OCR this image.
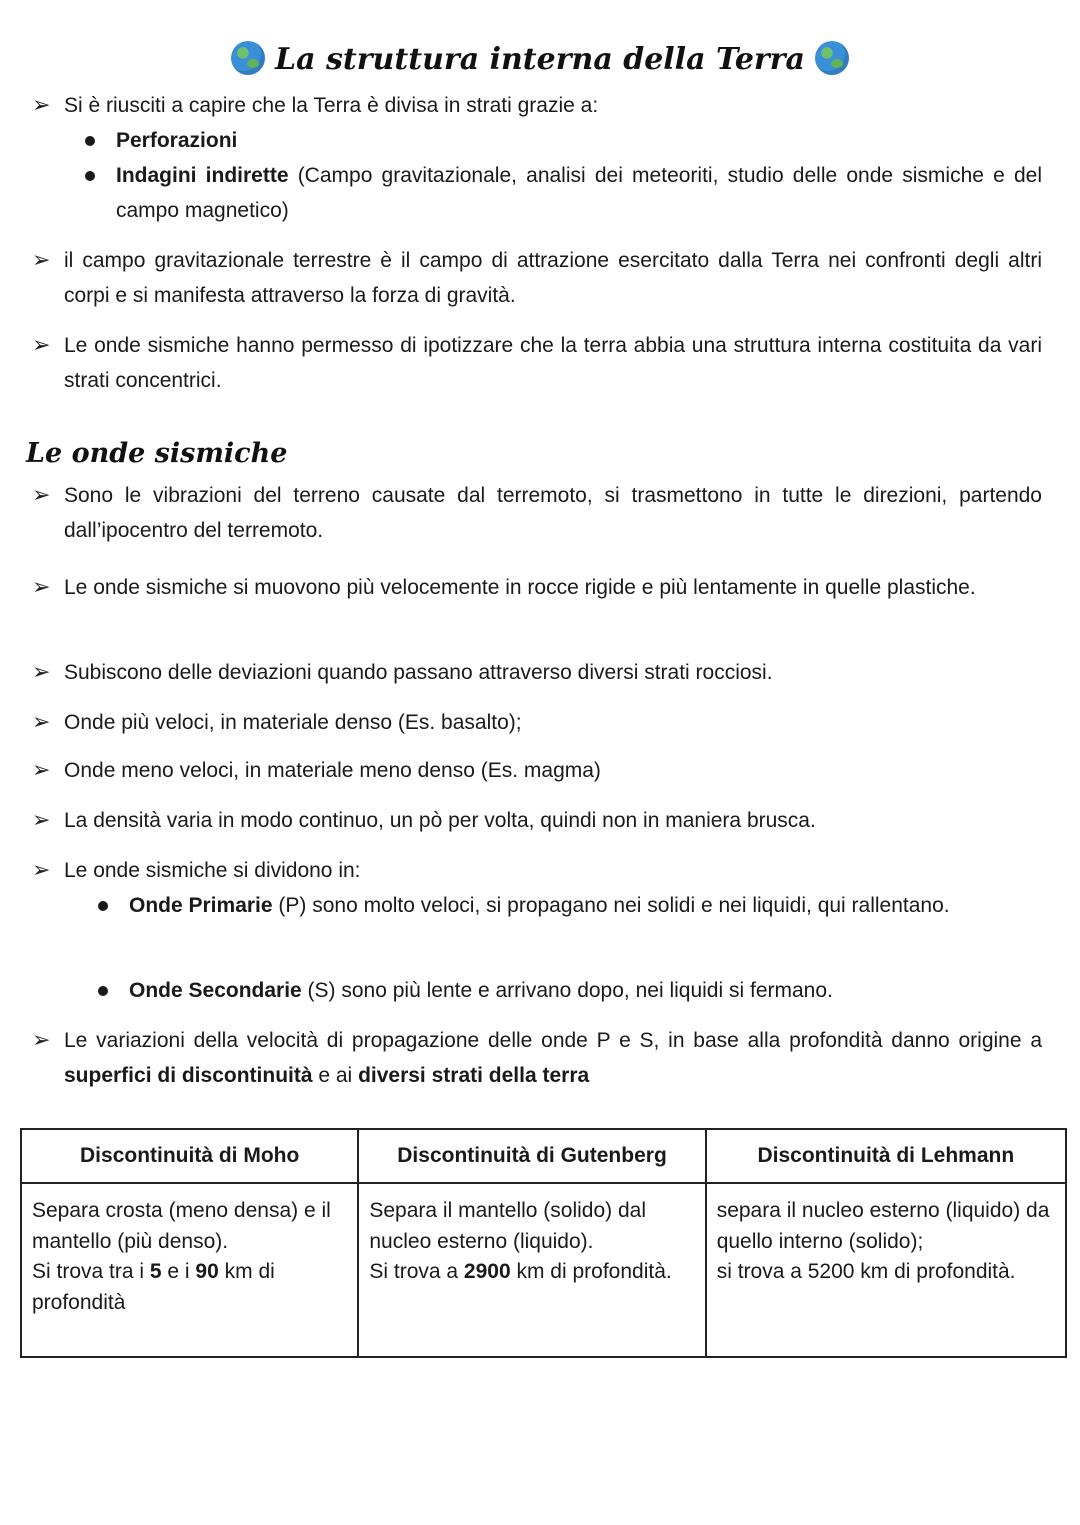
La struttura interna della Terra
➢ Si è riusciti a capire che la Terra è divisa in strati grazie a:
Perforazioni
Indagini indirette (Campo gravitazionale, analisi dei meteoriti, studio delle onde sismiche e del campo magnetico)
➢ il campo gravitazionale terrestre è il campo di attrazione esercitato dalla Terra nei confronti degli altri corpi e si manifesta attraverso la forza di gravità.
➢ Le onde sismiche hanno permesso di ipotizzare che la terra abbia una struttura interna costituita da vari strati concentrici.
Le onde sismiche
➢ Sono le vibrazioni del terreno causate dal terremoto, si trasmettono in tutte le direzioni, partendo dall’ipocentro del terremoto.
➢ Le onde sismiche si muovono più velocemente in rocce rigide e più lentamente in quelle plastiche.
➢ Subiscono delle deviazioni quando passano attraverso diversi strati rocciosi.
➢ Onde più veloci, in materiale denso (Es. basalto);
➢ Onde meno veloci, in materiale meno denso (Es. magma)
➢ La densità varia in modo continuo, un pò per volta, quindi non in maniera brusca.
➢ Le onde sismiche si dividono in:
Onde Primarie (P) sono molto veloci, si propagano nei solidi e nei liquidi, qui rallentano.
Onde Secondarie (S) sono più lente e arrivano dopo, nei liquidi si fermano.
➢ Le variazioni della velocità di propagazione delle onde P e S, in base alla profondità danno origine a superfici di discontinuità e ai diversi strati della terra
Discontinuità di Moho	Discontinuità di Gutenberg	Discontinuità di Lehmann
Separa crosta (meno densa) e il mantello (più denso).
Si trova tra i 5 e i 90 km di profondità	Separa il mantello (solido) dal nucleo esterno (liquido).
Si trova a 2900 km di profondità.	separa il nucleo esterno (liquido) da quello interno (solido);
si trova a 5200 km di profondità.
